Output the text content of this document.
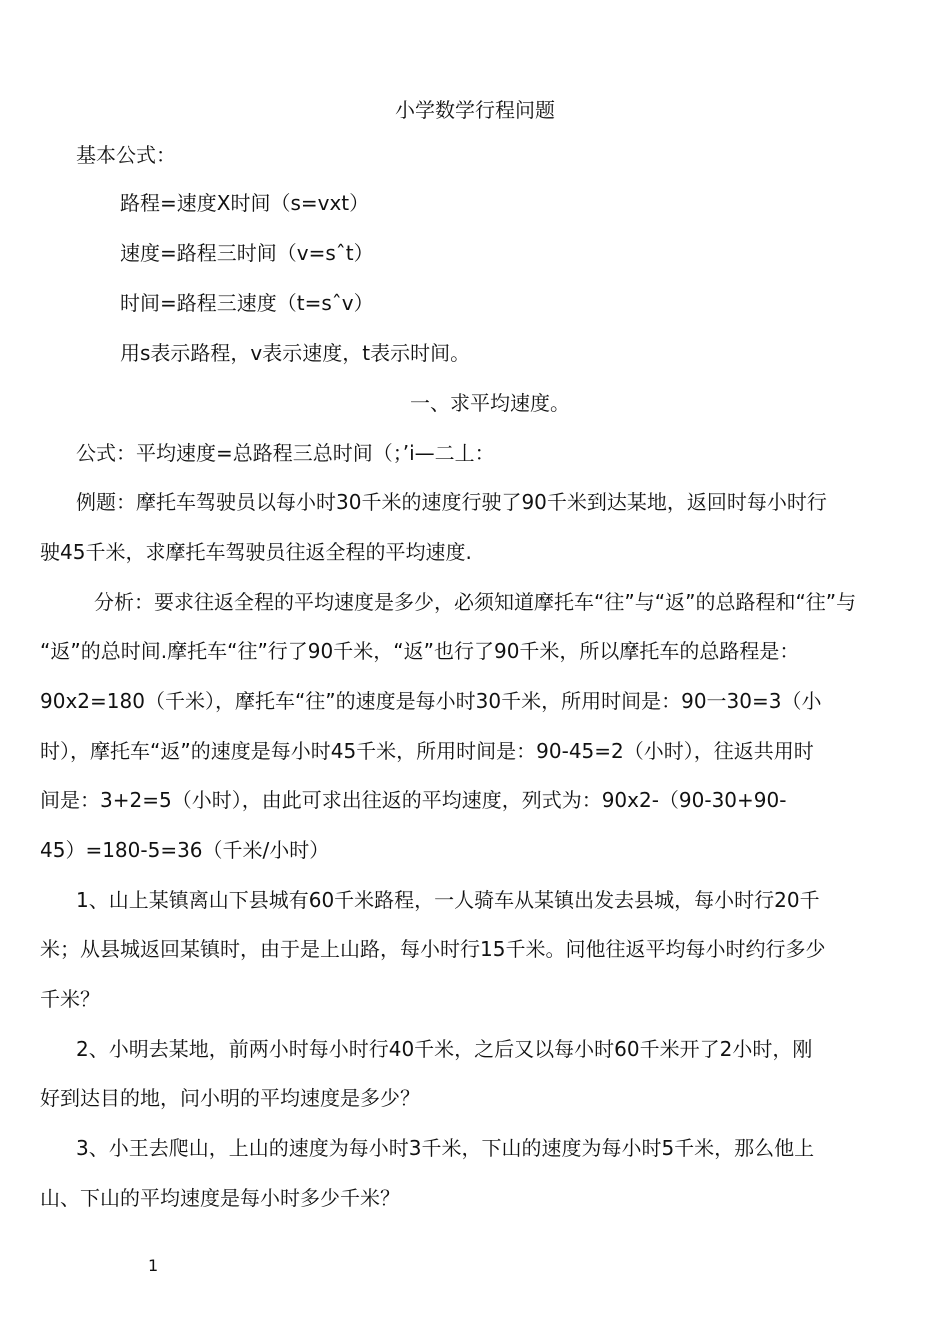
小学数学行程问题
基本公式：
路程=速度X时间（s=vxt）
速度=路程三时间（v=sˆt）
时间=路程三速度（t=sˆv）
用s表示路程，v表示速度，t表示时间。
一、求平均速度。
公式：平均速度=总路程三总时间（；’i—二丄：
例题：摩托车驾驶员以每小时30千米的速度行驶了90千米到达某地，返回时每小时行
驶45千米，求摩托车驾驶员往返全程的平均速度.
分析：要求往返全程的平均速度是多少，必须知道摩托车“往”与“返”的总路程和“往”与
“返”的总时间.摩托车“往”行了90千米，“返”也行了90千米，所以摩托车的总路程是：
90x2=180（千米），摩托车“往”的速度是每小时30千米，所用时间是：90一30=3（小
时），摩托车“返”的速度是每小时45千米，所用时间是：90-45=2（小时），往返共用时
间是：3+2=5（小时），由此可求出往返的平均速度，列式为：90x2-（90-30+90-
45）=180-5=36（千米/小时）
1、山上某镇离山下县城有60千米路程，一人骑车从某镇出发去县城，每小时行20千
米；从县城返回某镇时，由于是上山路，每小时行15千米。问他往返平均每小时约行多少
千米？
2、小明去某地，前两小时每小时行40千米，之后又以每小时60千米开了2小时，刚
好到达目的地，问小明的平均速度是多少？
3、小王去爬山，上山的速度为每小时3千米，下山的速度为每小时5千米，那么他上
山、下山的平均速度是每小时多少千米？
1
